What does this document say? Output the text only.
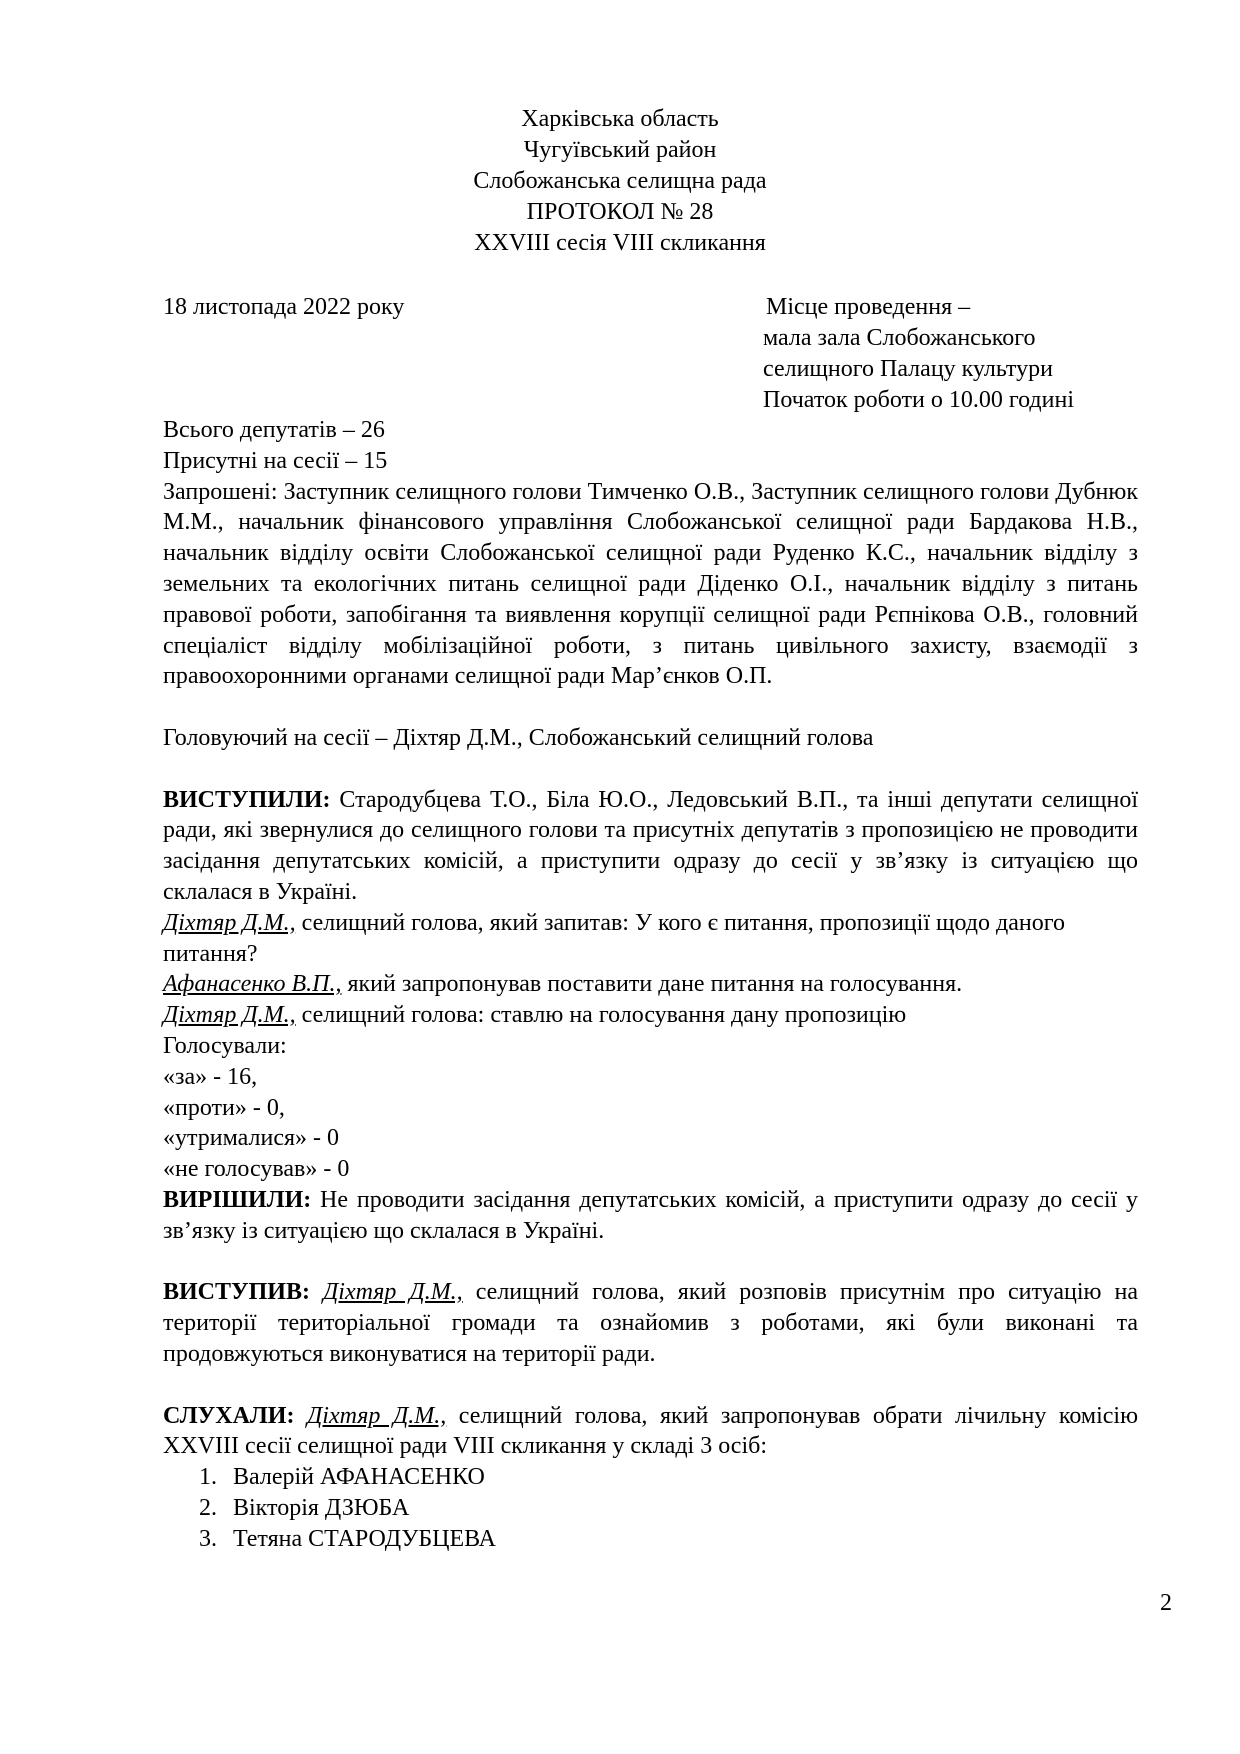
Харківська область
Чугуївський район
Слобожанська селищна рада
ПРОТОКОЛ № 28
XXVIII сесія VIII скликання
18 листопада 2022 року	Місце проведення –
мала зала Слобожанського
селищного Палацу культури
Початок роботи о 10.00 годині

Всього депутатів – 26

Присутні на сесії – 15

Запрошені: Заступник селищного голови Тимченко О.В., Заступник селищного голови Дубнюк М.М., начальник фінансового управління Слобожанської селищної ради Бардакова Н.В., начальник відділу освіти Слобожанської селищної ради Руденко К.С., начальник відділу з земельних та екологічних питань селищної ради Діденко О.І., начальник відділу з питань правової роботи, запобігання та виявлення корупції селищної ради Рєпнікова О.В., головний спеціаліст відділу мобілізаційної роботи, з питань цивільного захисту, взаємодії з правоохоронними органами селищної ради Мар’єнков О.П.

Головуючий на сесії – Діхтяр Д.М., Слобожанський селищний голова

ВИСТУПИЛИ: Стародубцева Т.О., Біла Ю.О., Ледовський В.П., та інші депутати селищної ради, які звернулися до селищного голови та присутніх депутатів з пропозицією не проводити засідання депутатських комісій, а приступити одразу до сесії у зв’язку із ситуацією що склалася в Україні.

Діхтяр Д.М., селищний голова, який запитав: У кого є питання, пропозиції щодо даного питання?

Афанасенко В.П., який запропонував поставити дане питання на голосування.

Діхтяр Д.М., селищний голова: ставлю на голосування дану пропозицію

Голосували:

«за» - 16,

«проти» - 0,

«утрималися» - 0

«не голосував» - 0

ВИРІШИЛИ: Не проводити засідання депутатських комісій, а приступити одразу до сесії у зв’язку із ситуацією що склалася в Україні.

ВИСТУПИВ: Діхтяр Д.М., селищний голова, який розповів присутнім про ситуацію на території територіальної громади та ознайомив з роботами, які були виконані та продовжуються виконуватися на території ради.

СЛУХАЛИ: Діхтяр Д.М., селищний голова, який запропонував обрати лічильну комісію XXVIII сесії селищної ради VIII скликання у складі 3 осіб:

1. Валерій АФАНАСЕНКО
2. Вікторія ДЗЮБА
3. Тетяна СТАРОДУБЦЕВА
2
